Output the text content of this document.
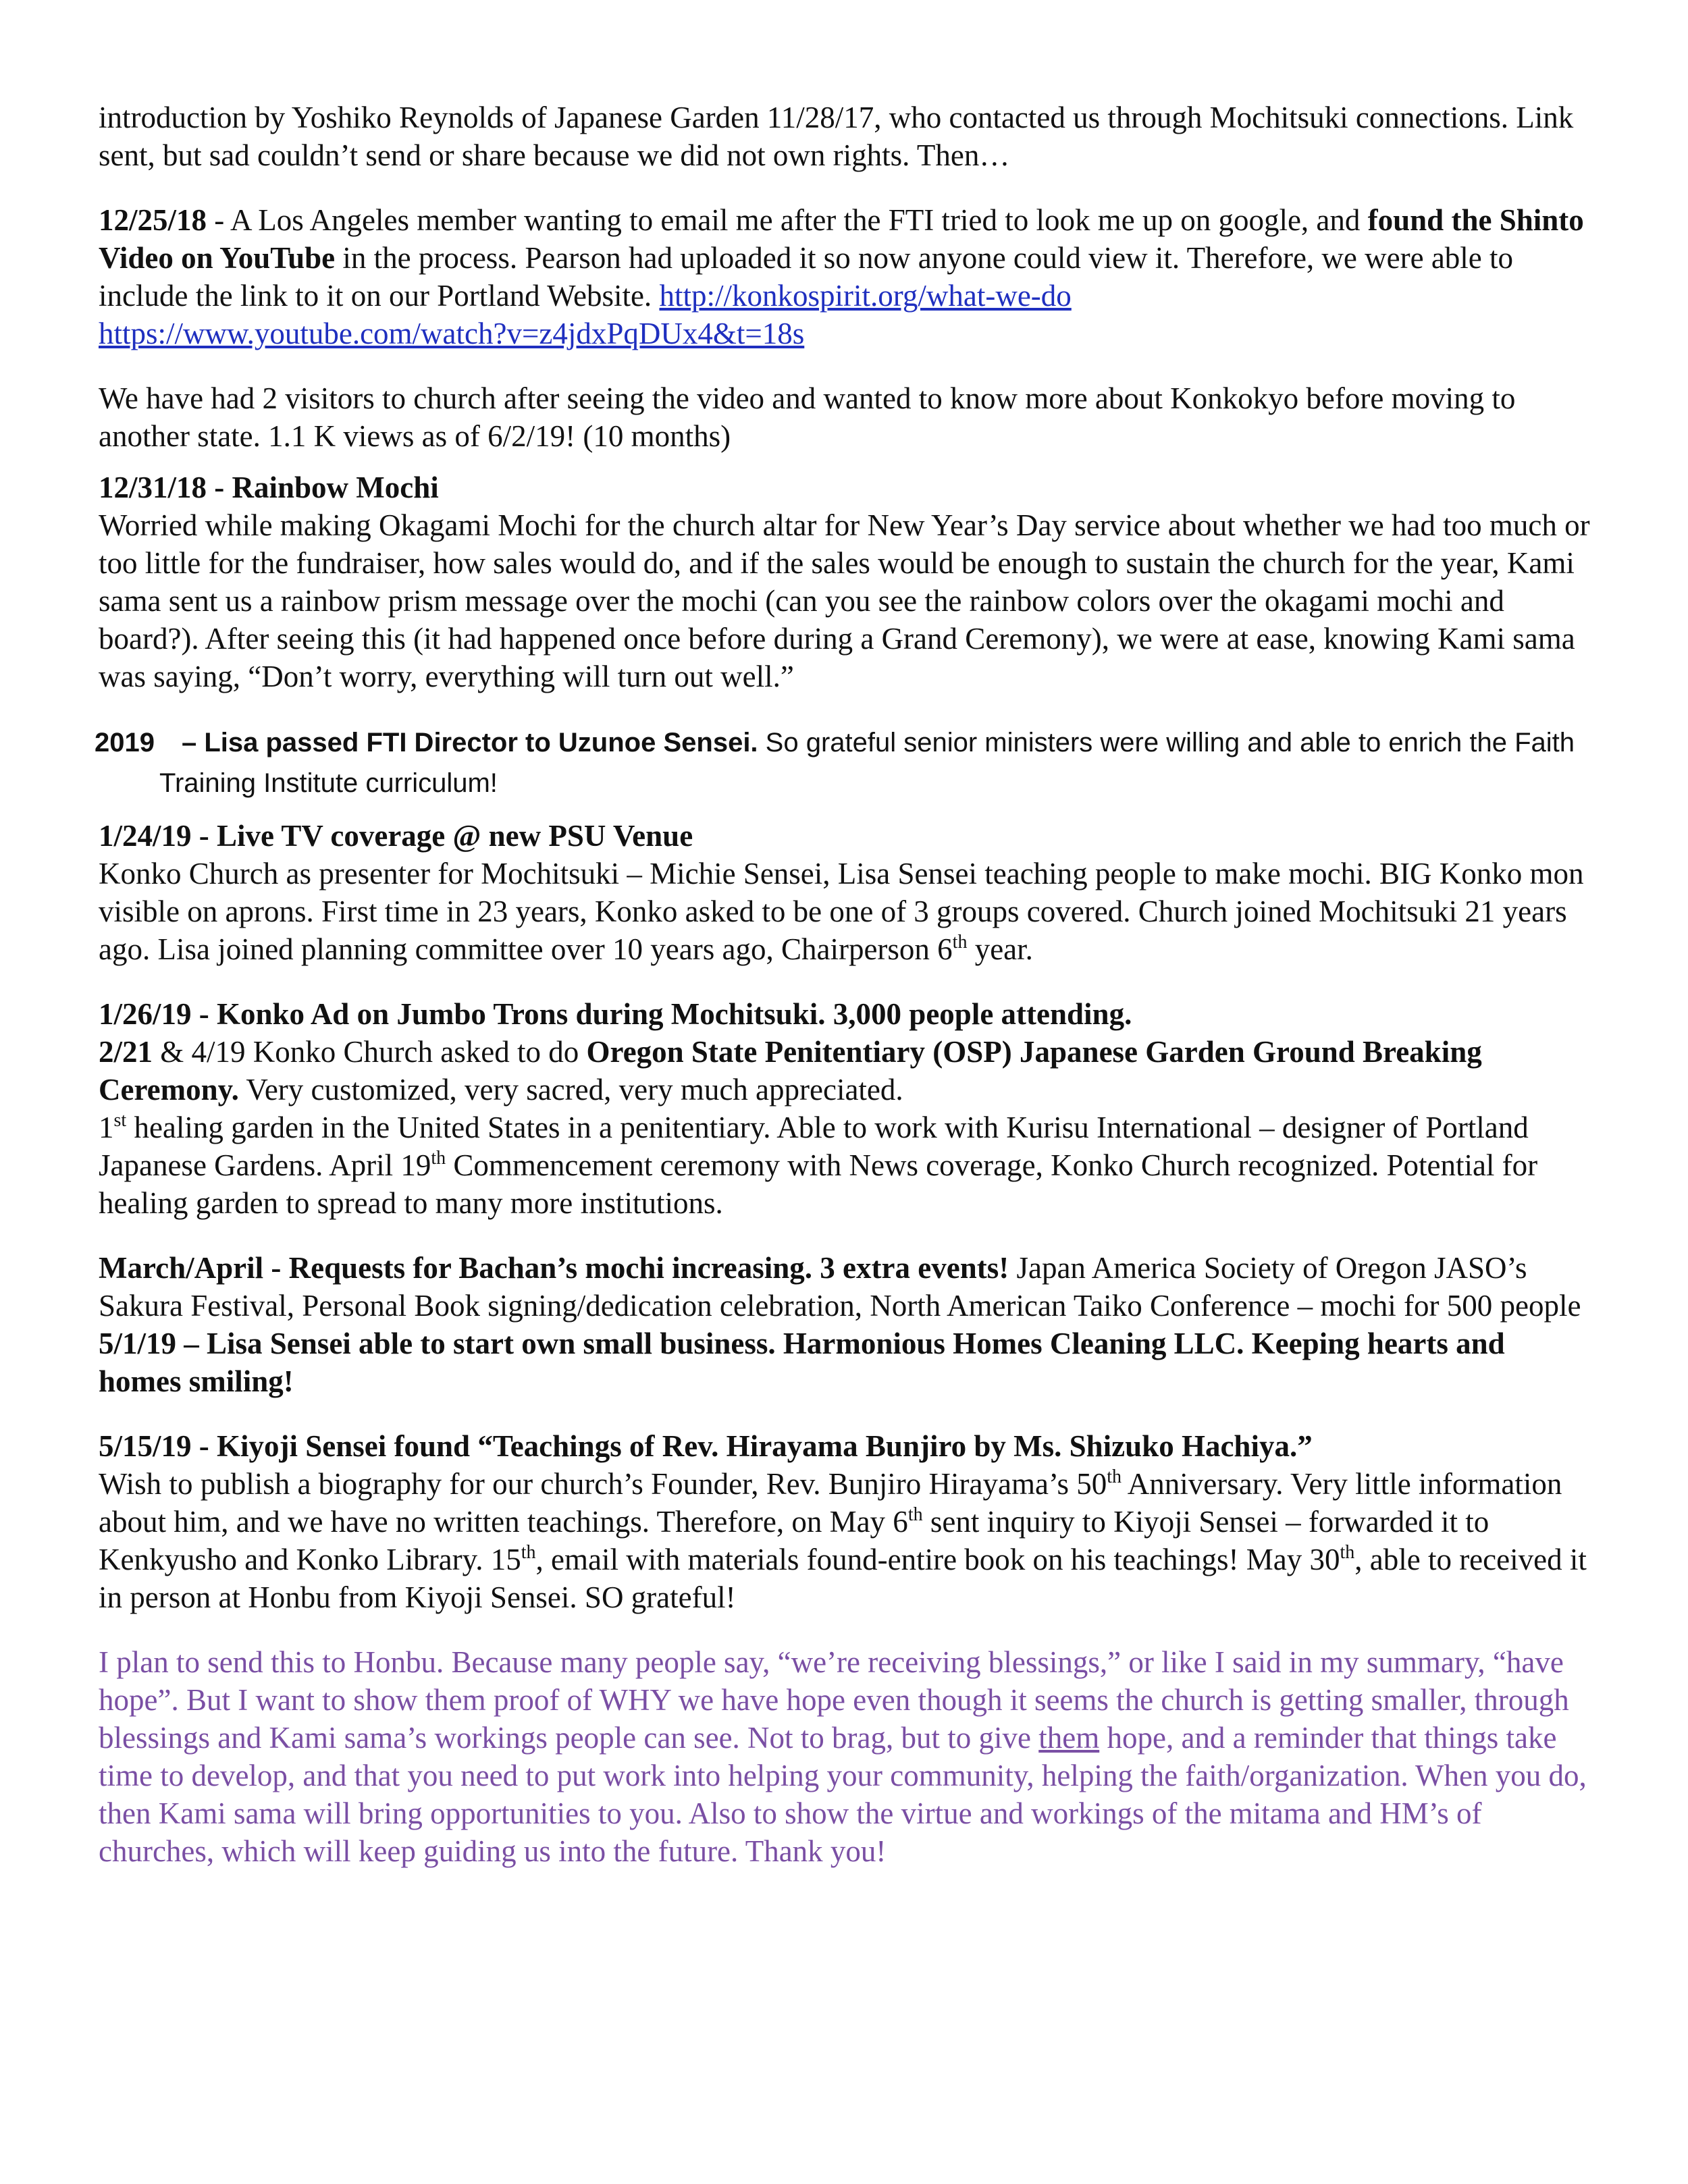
introduction by Yoshiko Reynolds of Japanese Garden 11/28/17, who contacted us through Mochitsuki connections. Link sent, but sad couldn’t send or share because we did not own rights. Then…

12/25/18 - A Los Angeles member wanting to email me after the FTI tried to look me up on google, and found the Shinto Video on YouTube in the process. Pearson had uploaded it so now anyone could view it. Therefore, we were able to include the link to it on our Portland Website. http://konkospirit.org/what-we-do
https://www.youtube.com/watch?v=z4jdxPqDUx4&t=18s

We have had 2 visitors to church after seeing the video and wanted to know more about Konkokyo before moving to another state. 1.1 K views as of 6/2/19! (10 months)

12/31/18 - Rainbow Mochi
Worried while making Okagami Mochi for the church altar for New Year’s Day service about whether we had too much or too little for the fundraiser, how sales would do, and if the sales would be enough to sustain the church for the year, Kami sama sent us a rainbow prism message over the mochi (can you see the rainbow colors over the okagami mochi and board?). After seeing this (it had happened once before during a Grand Ceremony), we were at ease, knowing Kami sama was saying, “Don’t worry, everything will turn out well.”

2019 – Lisa passed FTI Director to Uzunoe Sensei. So grateful senior ministers were willing and able to enrich the Faith Training Institute curriculum!

1/24/19 - Live TV coverage @ new PSU Venue
Konko Church as presenter for Mochitsuki – Michie Sensei, Lisa Sensei teaching people to make mochi. BIG Konko mon visible on aprons. First time in 23 years, Konko asked to be one of 3 groups covered. Church joined Mochitsuki 21 years ago. Lisa joined planning committee over 10 years ago, Chairperson 6th year.

1/26/19 - Konko Ad on Jumbo Trons during Mochitsuki. 3,000 people attending.

2/21 & 4/19 Konko Church asked to do Oregon State Penitentiary (OSP) Japanese Garden Ground Breaking Ceremony. Very customized, very sacred, very much appreciated.

1st healing garden in the United States in a penitentiary. Able to work with Kurisu International – designer of Portland Japanese Gardens. April 19th Commencement ceremony with News coverage, Konko Church recognized. Potential for healing garden to spread to many more institutions.

March/April - Requests for Bachan’s mochi increasing. 3 extra events! Japan America Society of Oregon JASO’s Sakura Festival, Personal Book signing/dedication celebration, North American Taiko Conference – mochi for 500 people

5/1/19 – Lisa Sensei able to start own small business. Harmonious Homes Cleaning LLC. Keeping hearts and homes smiling!

5/15/19 - Kiyoji Sensei found “Teachings of Rev. Hirayama Bunjiro by Ms. Shizuko Hachiya.”
Wish to publish a biography for our church’s Founder, Rev. Bunjiro Hirayama’s 50th Anniversary. Very little information about him, and we have no written teachings. Therefore, on May 6th sent inquiry to Kiyoji Sensei – forwarded it to Kenkyusho and Konko Library. 15th, email with materials found-entire book on his teachings! May 30th, able to received it in person at Honbu from Kiyoji Sensei. SO grateful!

I plan to send this to Honbu. Because many people say, “we’re receiving blessings,” or like I said in my summary, “have hope”. But I want to show them proof of WHY we have hope even though it seems the church is getting smaller, through blessings and Kami sama’s workings people can see. Not to brag, but to give them hope, and a reminder that things take time to develop, and that you need to put work into helping your community, helping the faith/organization. When you do, then Kami sama will bring opportunities to you. Also to show the virtue and workings of the mitama and HM’s of churches, which will keep guiding us into the future. Thank you!
